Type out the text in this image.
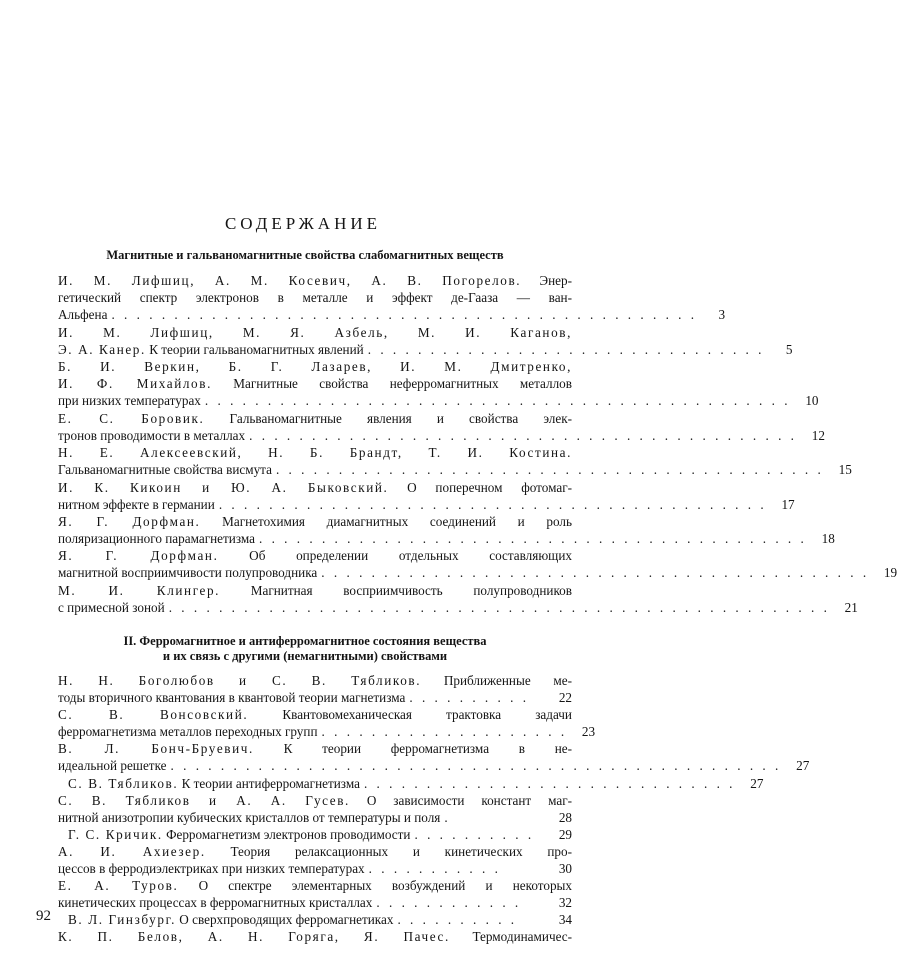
СОДЕРЖАНИЕ
Магнитные и гальваномагнитные свойства слабомагнитных веществ
И. М. Лифшиц, А. М. Косевич, А. В. Погорелов. Энер-
гетический спектр электронов в металле и эффект де-Гааза — ван-
Альфена . . . . . . . . . . . . . . . . . . . . . . . . . . . . . . . . . . . . . . . . . . . . . . .	3
И. М. Лифшиц, М. Я. Азбель, М. И. Каганов,
Э. А. Канер. К теории гальваномагнитных явлений . . . . . . . . . . . . . . . . . . . . . . . . . . . . . . . .	5
Б. И. Веркин, Б. Г. Лазарев, И. М. Дмитренко,
И. Ф. Михайлов. Магнитные свойства неферромагнитных металлов
при низких температурах . . . . . . . . . . . . . . . . . . . . . . . . . . . . . . . . . . . . . . . . . . . . . . .	10
Е. С. Боровик. Гальваномагнитные явления и свойства элек-
тронов проводимости в металлах . . . . . . . . . . . . . . . . . . . . . . . . . . . . . . . . . . . . . . . . . . . .	12
Н. Е. Алексеевский, Н. Б. Брандт, Т. И. Костина.
Гальваномагнитные свойства висмута . . . . . . . . . . . . . . . . . . . . . . . . . . . . . . . . . . . . . . . . . . . .	15
И. К. Кикоин и Ю. А. Быковский. О поперечном фотомаг-
нитном эффекте в германии . . . . . . . . . . . . . . . . . . . . . . . . . . . . . . . . . . . . . . . . . . . .	17
Я. Г. Дорфман. Магнетохимия диамагнитных соединений и роль
поляризационного парамагнетизма . . . . . . . . . . . . . . . . . . . . . . . . . . . . . . . . . . . . . . . . . . . .	18
Я. Г. Дорфман. Об определении отдельных составляющих
магнитной восприимчивости полупроводника . . . . . . . . . . . . . . . . . . . . . . . . . . . . . . . . . . . . . . . . . . . .	19
М. И. Клингер. Магнитная восприимчивость полупроводников
с примесной зоной . . . . . . . . . . . . . . . . . . . . . . . . . . . . . . . . . . . . . . . . . . . . . . . . . . . . .	21
II. Ферромагнитное и антиферромагнитное состояния вещества
и их связь с другими (немагнитными) свойствами
Н. Н. Боголюбов и С. В. Тябликов. Приближенные ме-
тоды вторичного квантования в квантовой теории магнетизма . . . . . . . . . .	22
С. В. Вонсовский. Квантовомеханическая трактовка задачи
ферромагнетизма металлов переходных групп . . . . . . . . . . . . . . . . . . . .	23
В. Л. Бонч-Бруевич. К теории ферромагнетизма в не-
идеальной решетке . . . . . . . . . . . . . . . . . . . . . . . . . . . . . . . . . . . . . . . . . . . . . . . . .	27
С. В. Тябликов. К теории антиферромагнетизма . . . . . . . . . . . . . . . . . . . . . . . . . . . . . .	27
С. В. Тябликов и А. А. Гусев. О зависимости констант маг-
нитной анизотропии кубических кристаллов от температуры и поля .	28
Г. С. Кричик. Ферромагнетизм электронов проводимости . . . . . . . . . .	29
А. И. Ахиезер. Теория релаксационных и кинетических про-
цессов в ферродиэлектриках при низких температурах . . . . . . . . . . .	30
Е. А. Туров. О спектре элементарных возбуждений и некоторых
кинетических процессах в ферромагнитных кристаллах . . . . . . . . . . . .	32
В. Л. Гинзбург. О сверхпроводящих ферромагнетиках . . . . . . . . . .	34
К. П. Белов, А. Н. Горяга, Я. Пачес. Термодинамичес-
92
